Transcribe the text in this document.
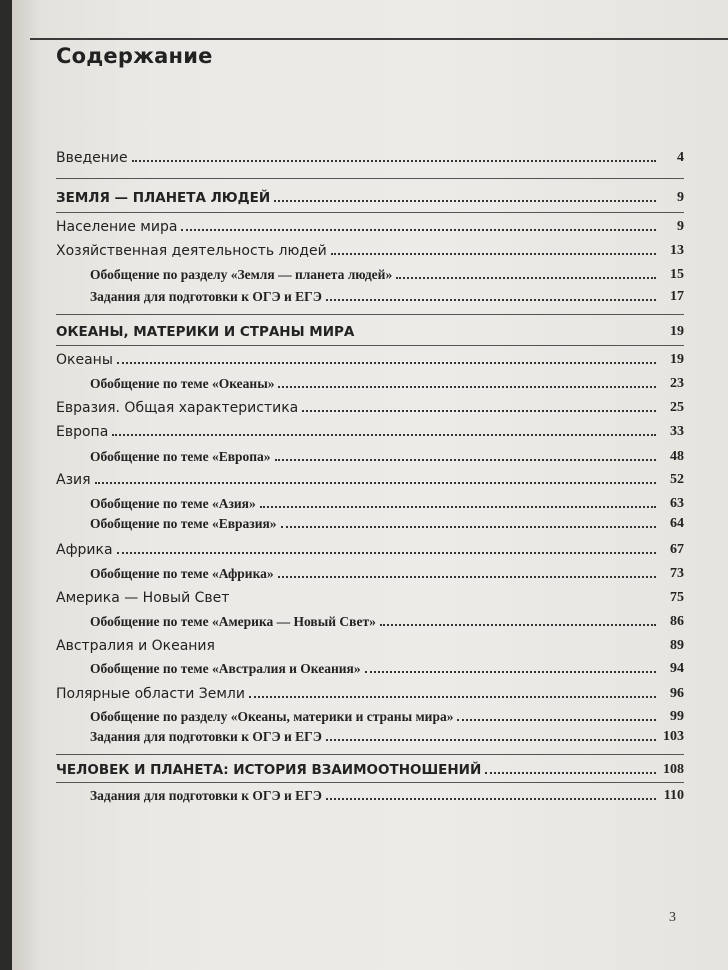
Содержание
Введение	4
ЗЕМЛЯ — ПЛАНЕТА ЛЮДЕЙ	9
Население мира	9
Хозяйственная деятельность людей	13
Обобщение по разделу «Земля — планета людей»	15
Задания для подготовки к ОГЭ и ЕГЭ	17
ОКЕАНЫ, МАТЕРИКИ И СТРАНЫ МИРА	19
Океаны	19
Обобщение по теме «Океаны»	23
Евразия. Общая характеристика	25
Европа	33
Обобщение по теме «Европа»	48
Азия	52
Обобщение по теме «Азия»	63
Обобщение по теме «Евразия»	64
Африка	67
Обобщение по теме «Африка»	73
Америка — Новый Свет	75
Обобщение по теме «Америка — Новый Свет»	86
Австралия и Океания	89
Обобщение по теме «Австралия и Океания»	94
Полярные области Земли	96
Обобщение по разделу «Океаны, материки и страны мира»	99
Задания для подготовки к ОГЭ и ЕГЭ	103
ЧЕЛОВЕК И ПЛАНЕТА: ИСТОРИЯ ВЗАИМООТНОШЕНИЙ	108
Задания для подготовки к ОГЭ и ЕГЭ	110
3
